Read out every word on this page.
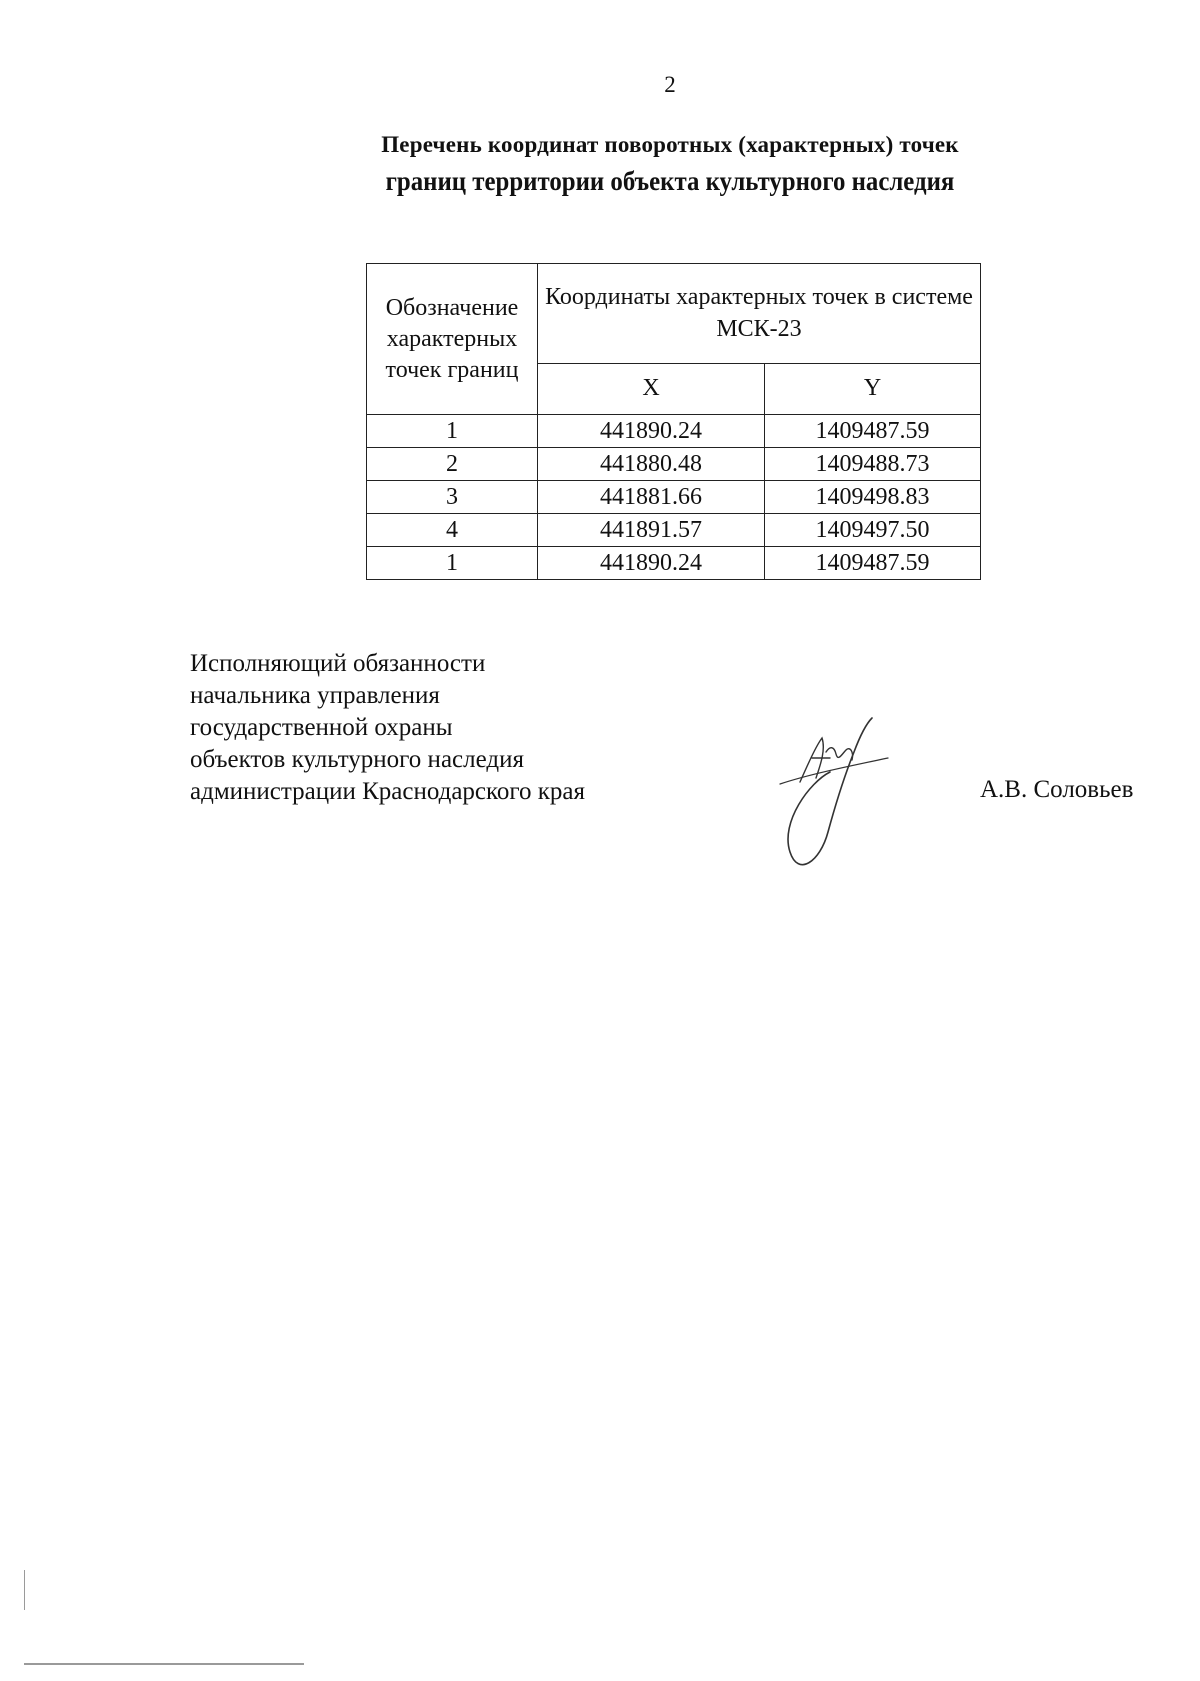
2
Перечень координат поворотных (характерных) точек
границ территории объекта культурного наследия
Обозначение характерных точек границ	Координаты характерных точек в системе МСК-23	
	X	Y
1	441890.24	1409487.59
2	441880.48	1409488.73
3	441881.66	1409498.83
4	441891.57	1409497.50
1	441890.24	1409487.59
Исполняющий обязанности
начальника управления
государственной охраны
объектов культурного наследия
администрации Краснодарского края	А.В. Соловьев
